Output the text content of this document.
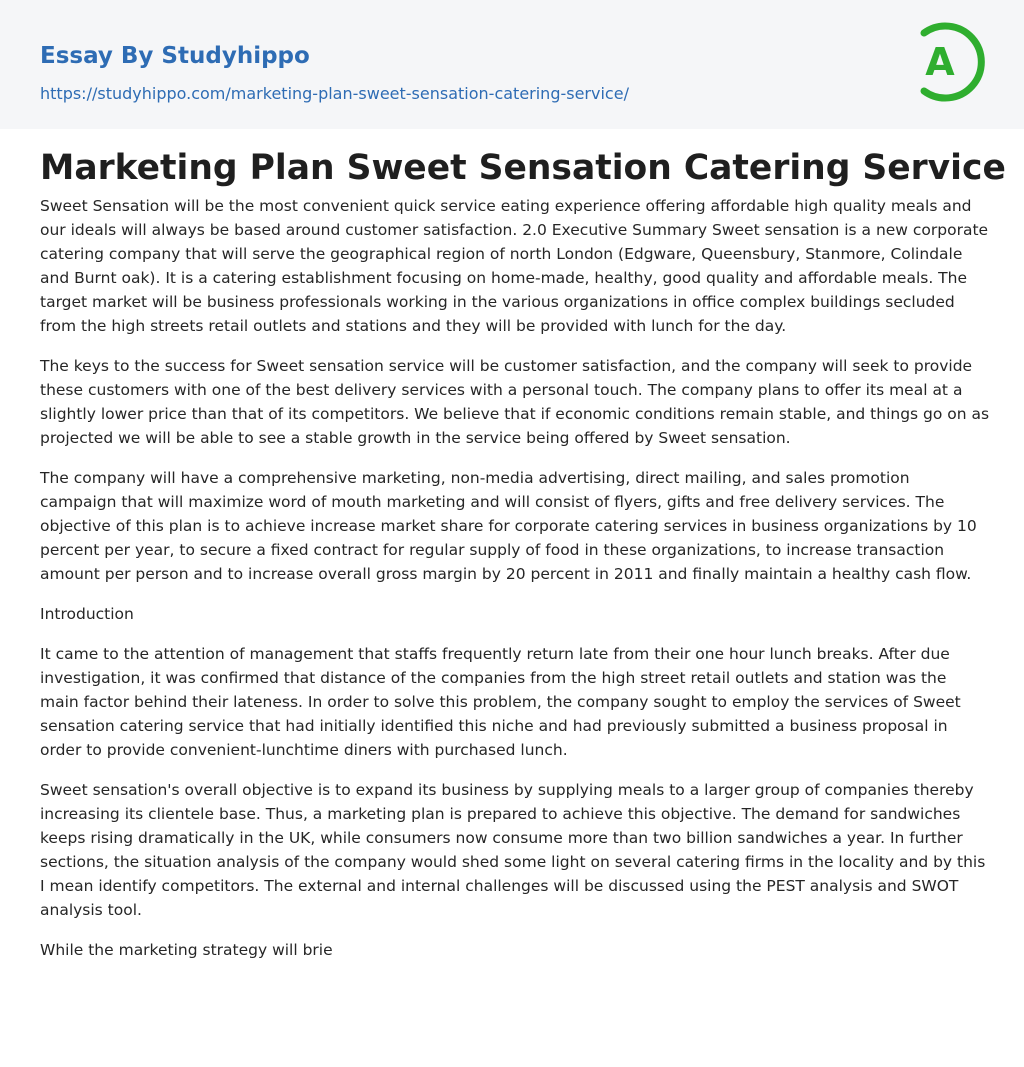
Essay By Studyhippo
https://studyhippo.com/marketing-plan-sweet-sensation-catering-service/
A
Marketing Plan Sweet Sensation Catering Service

Sweet Sensation will be the most convenient quick service eating experience offering affordable high quality meals and our ideals will always be based around customer satisfaction. 2.0 Executive Summary Sweet sensation is a new corporate catering company that will serve the geographical region of north London (Edgware, Queensbury, Stanmore, Colindale and Burnt oak). It is a catering establishment focusing on home-made, healthy, good quality and affordable meals. The target market will be business professionals working in the various organizations in office complex buildings secluded from the high streets retail outlets and stations and they will be provided with lunch for the day.

The keys to the success for Sweet sensation service will be customer satisfaction, and the company will seek to provide these customers with one of the best delivery services with a personal touch. The company plans to offer its meal at a slightly lower price than that of its competitors. We believe that if economic conditions remain stable, and things go on as projected we will be able to see a stable growth in the service being offered by Sweet sensation.

The company will have a comprehensive marketing, non-media advertising, direct mailing, and sales promotion campaign that will maximize word of mouth marketing and will consist of flyers, gifts and free delivery services. The objective of this plan is to achieve increase market share for corporate catering services in business organizations by 10 percent per year, to secure a fixed contract for regular supply of food in these organizations, to increase transaction amount per person and to increase overall gross margin by 20 percent in 2011 and finally maintain a healthy cash flow.

Introduction

It came to the attention of management that staffs frequently return late from their one hour lunch breaks. After due investigation, it was confirmed that distance of the companies from the high street retail outlets and station was the main factor behind their lateness. In order to solve this problem, the company sought to employ the services of Sweet sensation catering service that had initially identified this niche and had previously submitted a business proposal in order to provide convenient-lunchtime diners with purchased lunch.

Sweet sensation's overall objective is to expand its business by supplying meals to a larger group of companies thereby increasing its clientele base. Thus, a marketing plan is prepared to achieve this objective. The demand for sandwiches keeps rising dramatically in the UK, while consumers now consume more than two billion sandwiches a year. In further sections, the situation analysis of the company would shed some light on several catering firms in the locality and by this I mean identify competitors. The external and internal challenges will be discussed using the PEST analysis and SWOT analysis tool.

While the marketing strategy will brie
